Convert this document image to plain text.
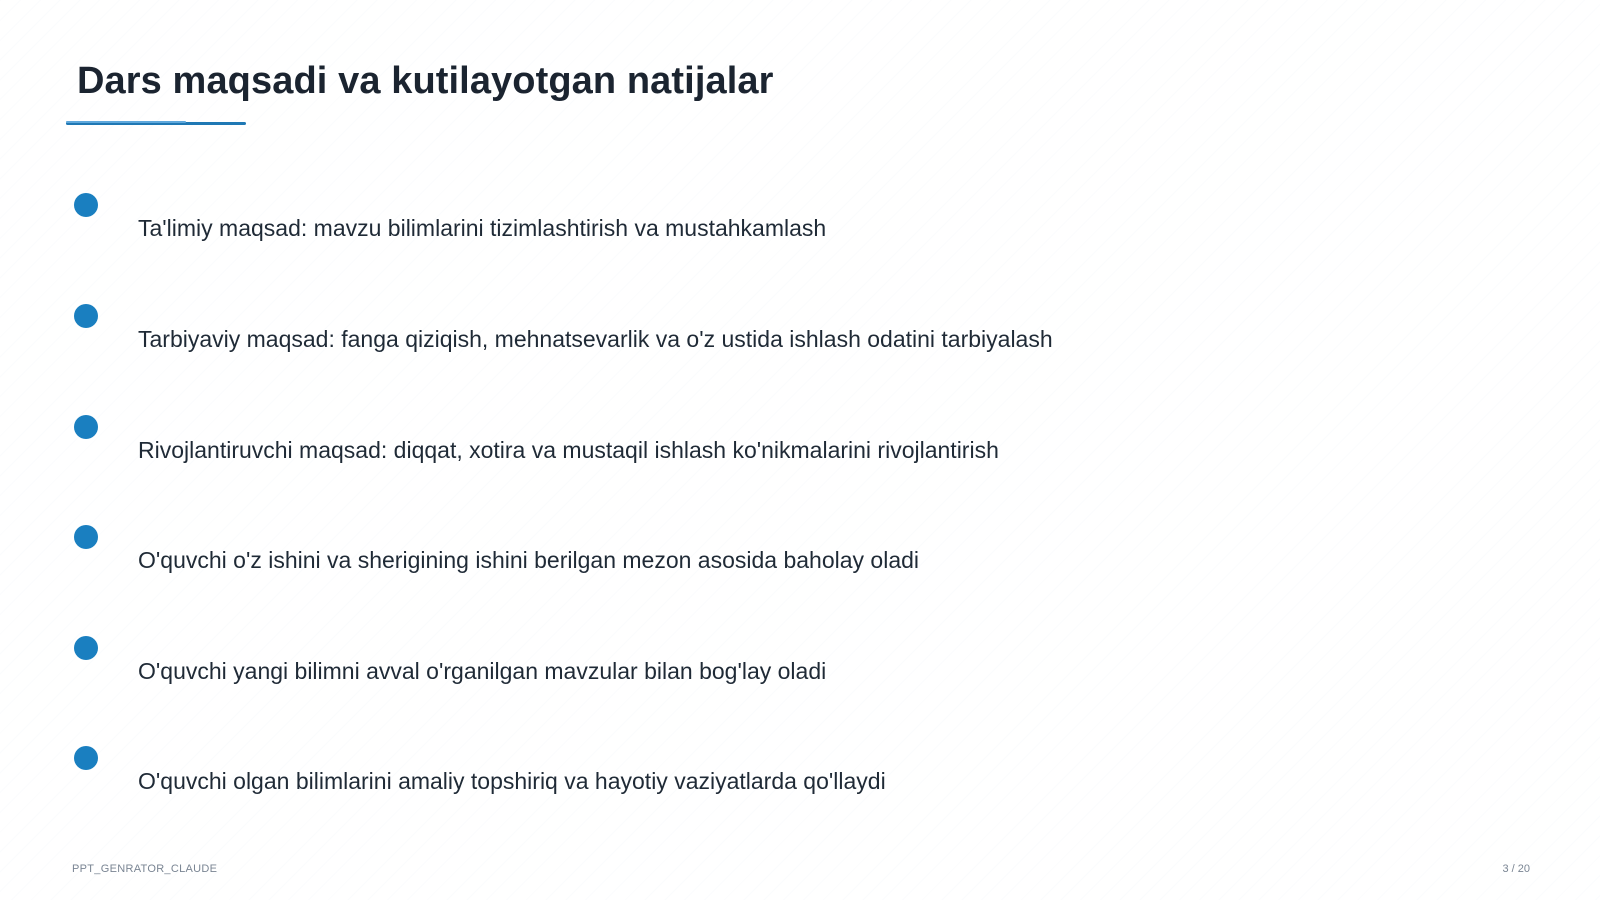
Dars maqsadi va kutilayotgan natijalar
Ta'limiy maqsad: mavzu bilimlarini tizimlashtirish va mustahkamlash
Tarbiyaviy maqsad: fanga qiziqish, mehnatsevarlik va o'z ustida ishlash odatini tarbiyalash
Rivojlantiruvchi maqsad: diqqat, xotira va mustaqil ishlash ko'nikmalarini rivojlantirish
O'quvchi o'z ishini va sherigining ishini berilgan mezon asosida baholay oladi
O'quvchi yangi bilimni avval o'rganilgan mavzular bilan bog'lay oladi
O'quvchi olgan bilimlarini amaliy topshiriq va hayotiy vaziyatlarda qo'llaydi
PPT_GENRATOR_CLAUDE	3 / 20
